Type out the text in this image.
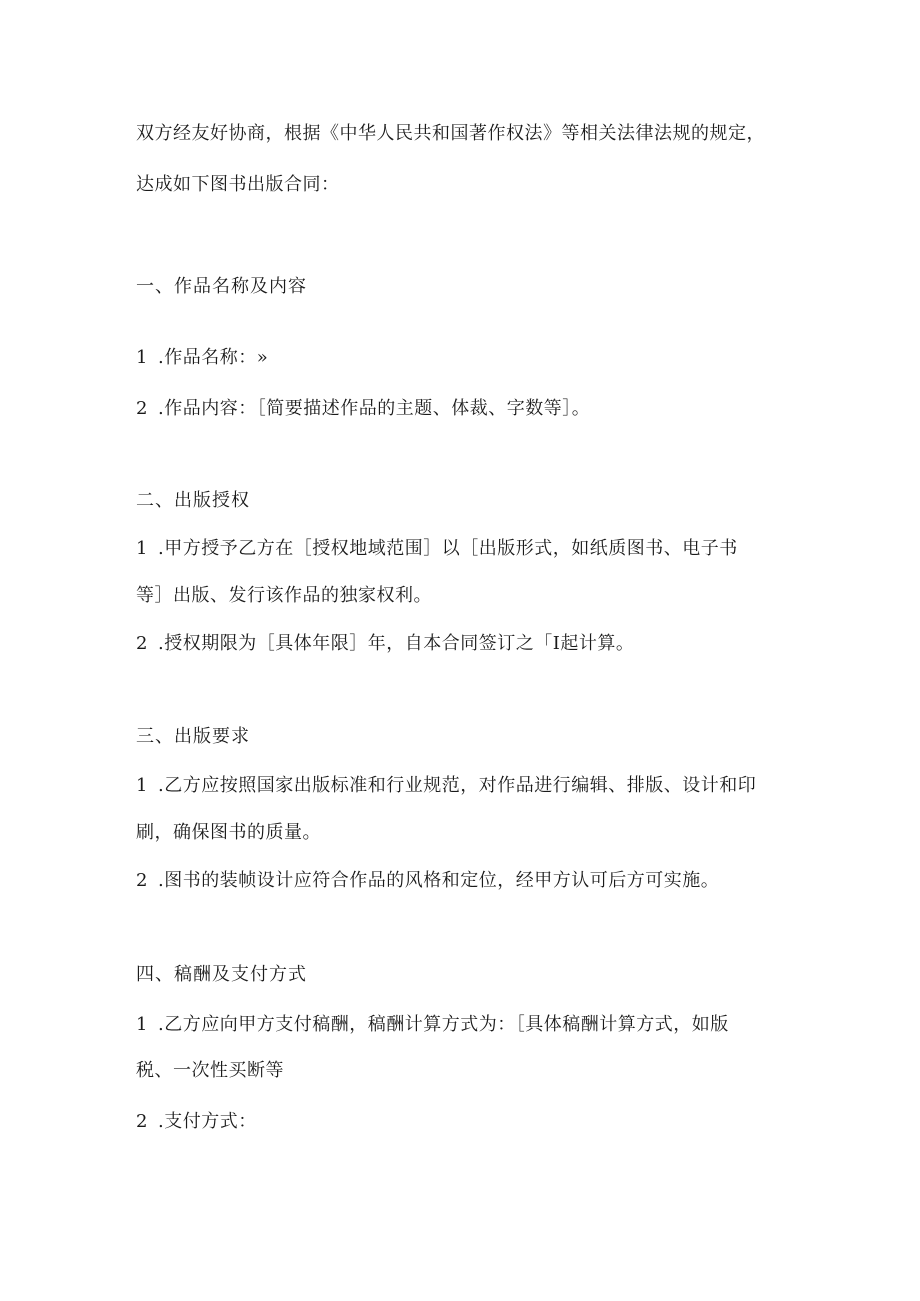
双方经友好协商，根据《中华人民共和国著作权法》等相关法律法规的规定，
达成如下图书出版合同：
一、作品名称及内容
1 .作品名称：»
2 .作品内容：［简要描述作品的主题、体裁、字数等］。
二、出版授权
1 .甲方授予乙方在［授权地域范围］以［出版形式，如纸质图书、电子书
等］出版、发行该作品的独家权利。
2 .授权期限为［具体年限］年，自本合同签订之「I起计算。
三、出版要求
1 .乙方应按照国家出版标准和行业规范，对作品进行编辑、排版、设计和印
刷，确保图书的质量。
2 .图书的装帧设计应符合作品的风格和定位，经甲方认可后方可实施。
四、稿酬及支付方式
1 .乙方应向甲方支付稿酬，稿酬计算方式为：［具体稿酬计算方式，如版
税、一次性买断等
2 .支付方式：
